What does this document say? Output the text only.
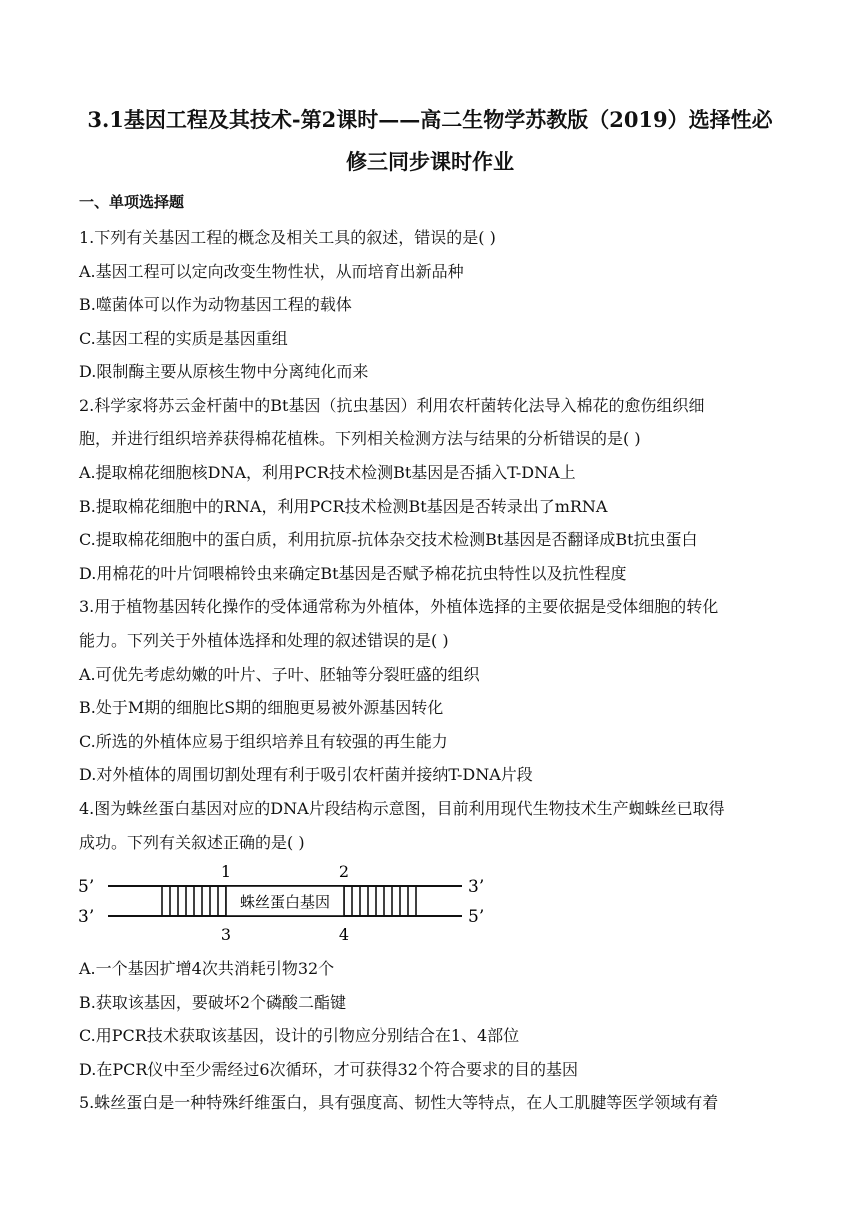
3.1基因工程及其技术-第2课时——高二生物学苏教版（2019）选择性必
修三同步课时作业
一、单项选择题
1.下列有关基因工程的概念及相关工具的叙述，错误的是( )
A.基因工程可以定向改变生物性状，从而培育出新品种
B.噬菌体可以作为动物基因工程的载体
C.基因工程的实质是基因重组
D.限制酶主要从原核生物中分离纯化而来
2.科学家将苏云金杆菌中的Bt基因（抗虫基因）利用农杆菌转化法导入棉花的愈伤组织细
胞，并进行组织培养获得棉花植株。下列相关检测方法与结果的分析错误的是( )
A.提取棉花细胞核DNA，利用PCR技术检测Bt基因是否插入T-DNA上
B.提取棉花细胞中的RNA，利用PCR技术检测Bt基因是否转录出了mRNA
C.提取棉花细胞中的蛋白质，利用抗原-抗体杂交技术检测Bt基因是否翻译成Bt抗虫蛋白
D.用棉花的叶片饲喂棉铃虫来确定Bt基因是否赋予棉花抗虫特性以及抗性程度
3.用于植物基因转化操作的受体通常称为外植体，外植体选择的主要依据是受体细胞的转化
能力。下列关于外植体选择和处理的叙述错误的是( )
A.可优先考虑幼嫩的叶片、子叶、胚轴等分裂旺盛的组织
B.处于M期的细胞比S期的细胞更易被外源基因转化
C.所选的外植体应易于组织培养且有较强的再生能力
D.对外植体的周围切割处理有利于吸引农杆菌并接纳T-DNA片段
4.图为蛛丝蛋白基因对应的DNA片段结构示意图，目前利用现代生物技术生产蜘蛛丝已取得
成功。下列有关叙述正确的是( )
蛛丝蛋白基因
5’	3’
3’	5’
1	2
3	4
A.一个基因扩增4次共消耗引物32个
B.获取该基因，要破坏2个磷酸二酯键
C.用PCR技术获取该基因，设计的引物应分别结合在1、4部位
D.在PCR仪中至少需经过6次循环，才可获得32个符合要求的目的基因
5.蛛丝蛋白是一种特殊纤维蛋白，具有强度高、韧性大等特点，在人工肌腱等医学领域有着
